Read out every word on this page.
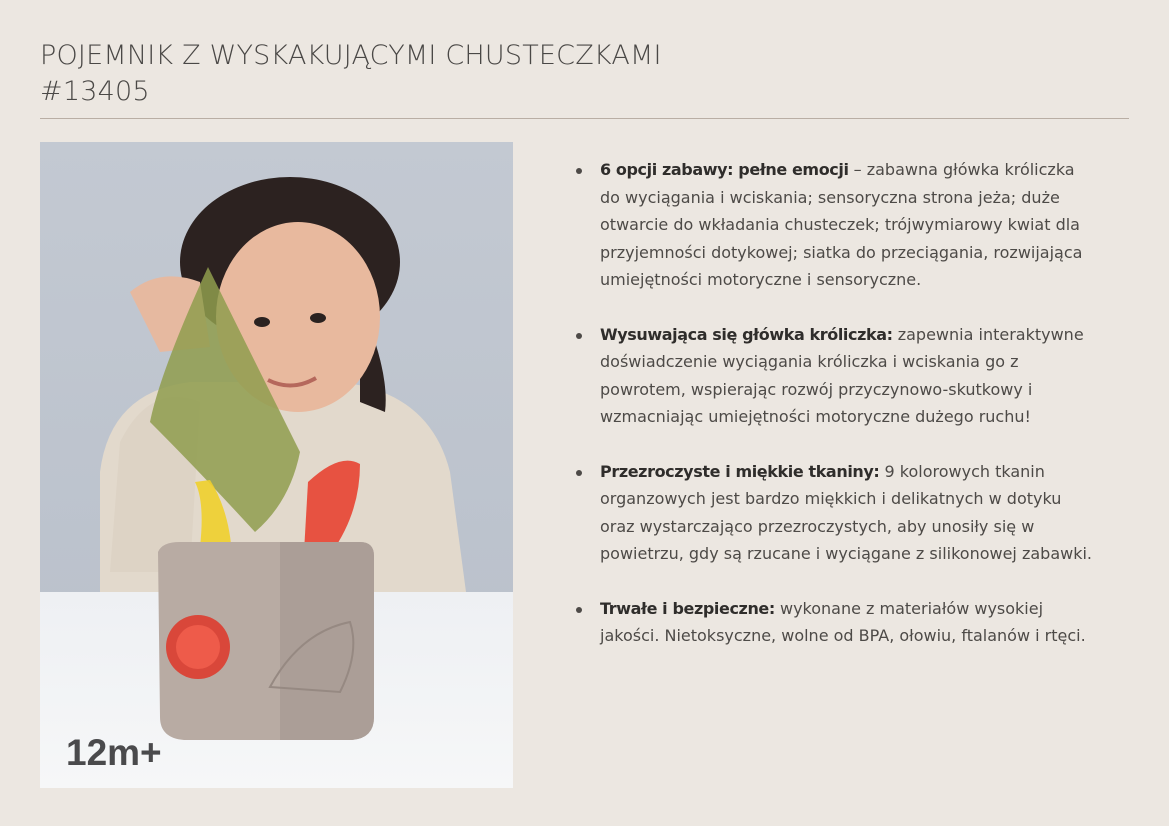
POJEMNIK Z WYSKAKUJĄCYMI CHUSTECZKAMI
#13405
12m+
6 opcji zabawy: pełne emocji – zabawna główka króliczka do wyciągania i wciskania; sensoryczna strona jeża; duże otwarcie do wkładania chusteczek; trójwymiarowy kwiat dla przyjemności dotykowej; siatka do przeciągania, rozwijająca umiejętności motoryczne i sensoryczne.
Wysuwająca się główka króliczka: zapewnia interaktywne doświadczenie wyciągania króliczka i wciskania go z powrotem, wspierając rozwój przyczynowo-skutkowy i wzmacniając umiejętności motoryczne dużego ruchu!
Przezroczyste i miękkie tkaniny: 9 kolorowych tkanin organzowych jest bardzo miękkich i delikatnych w dotyku oraz wystarczająco przezroczystych, aby unosiły się w powietrzu, gdy są rzucane i wyciągane z silikonowej zabawki.
Trwałe i bezpieczne: wykonane z materiałów wysokiej jakości. Nietoksyczne, wolne od BPA, ołowiu, ftalanów i rtęci.
